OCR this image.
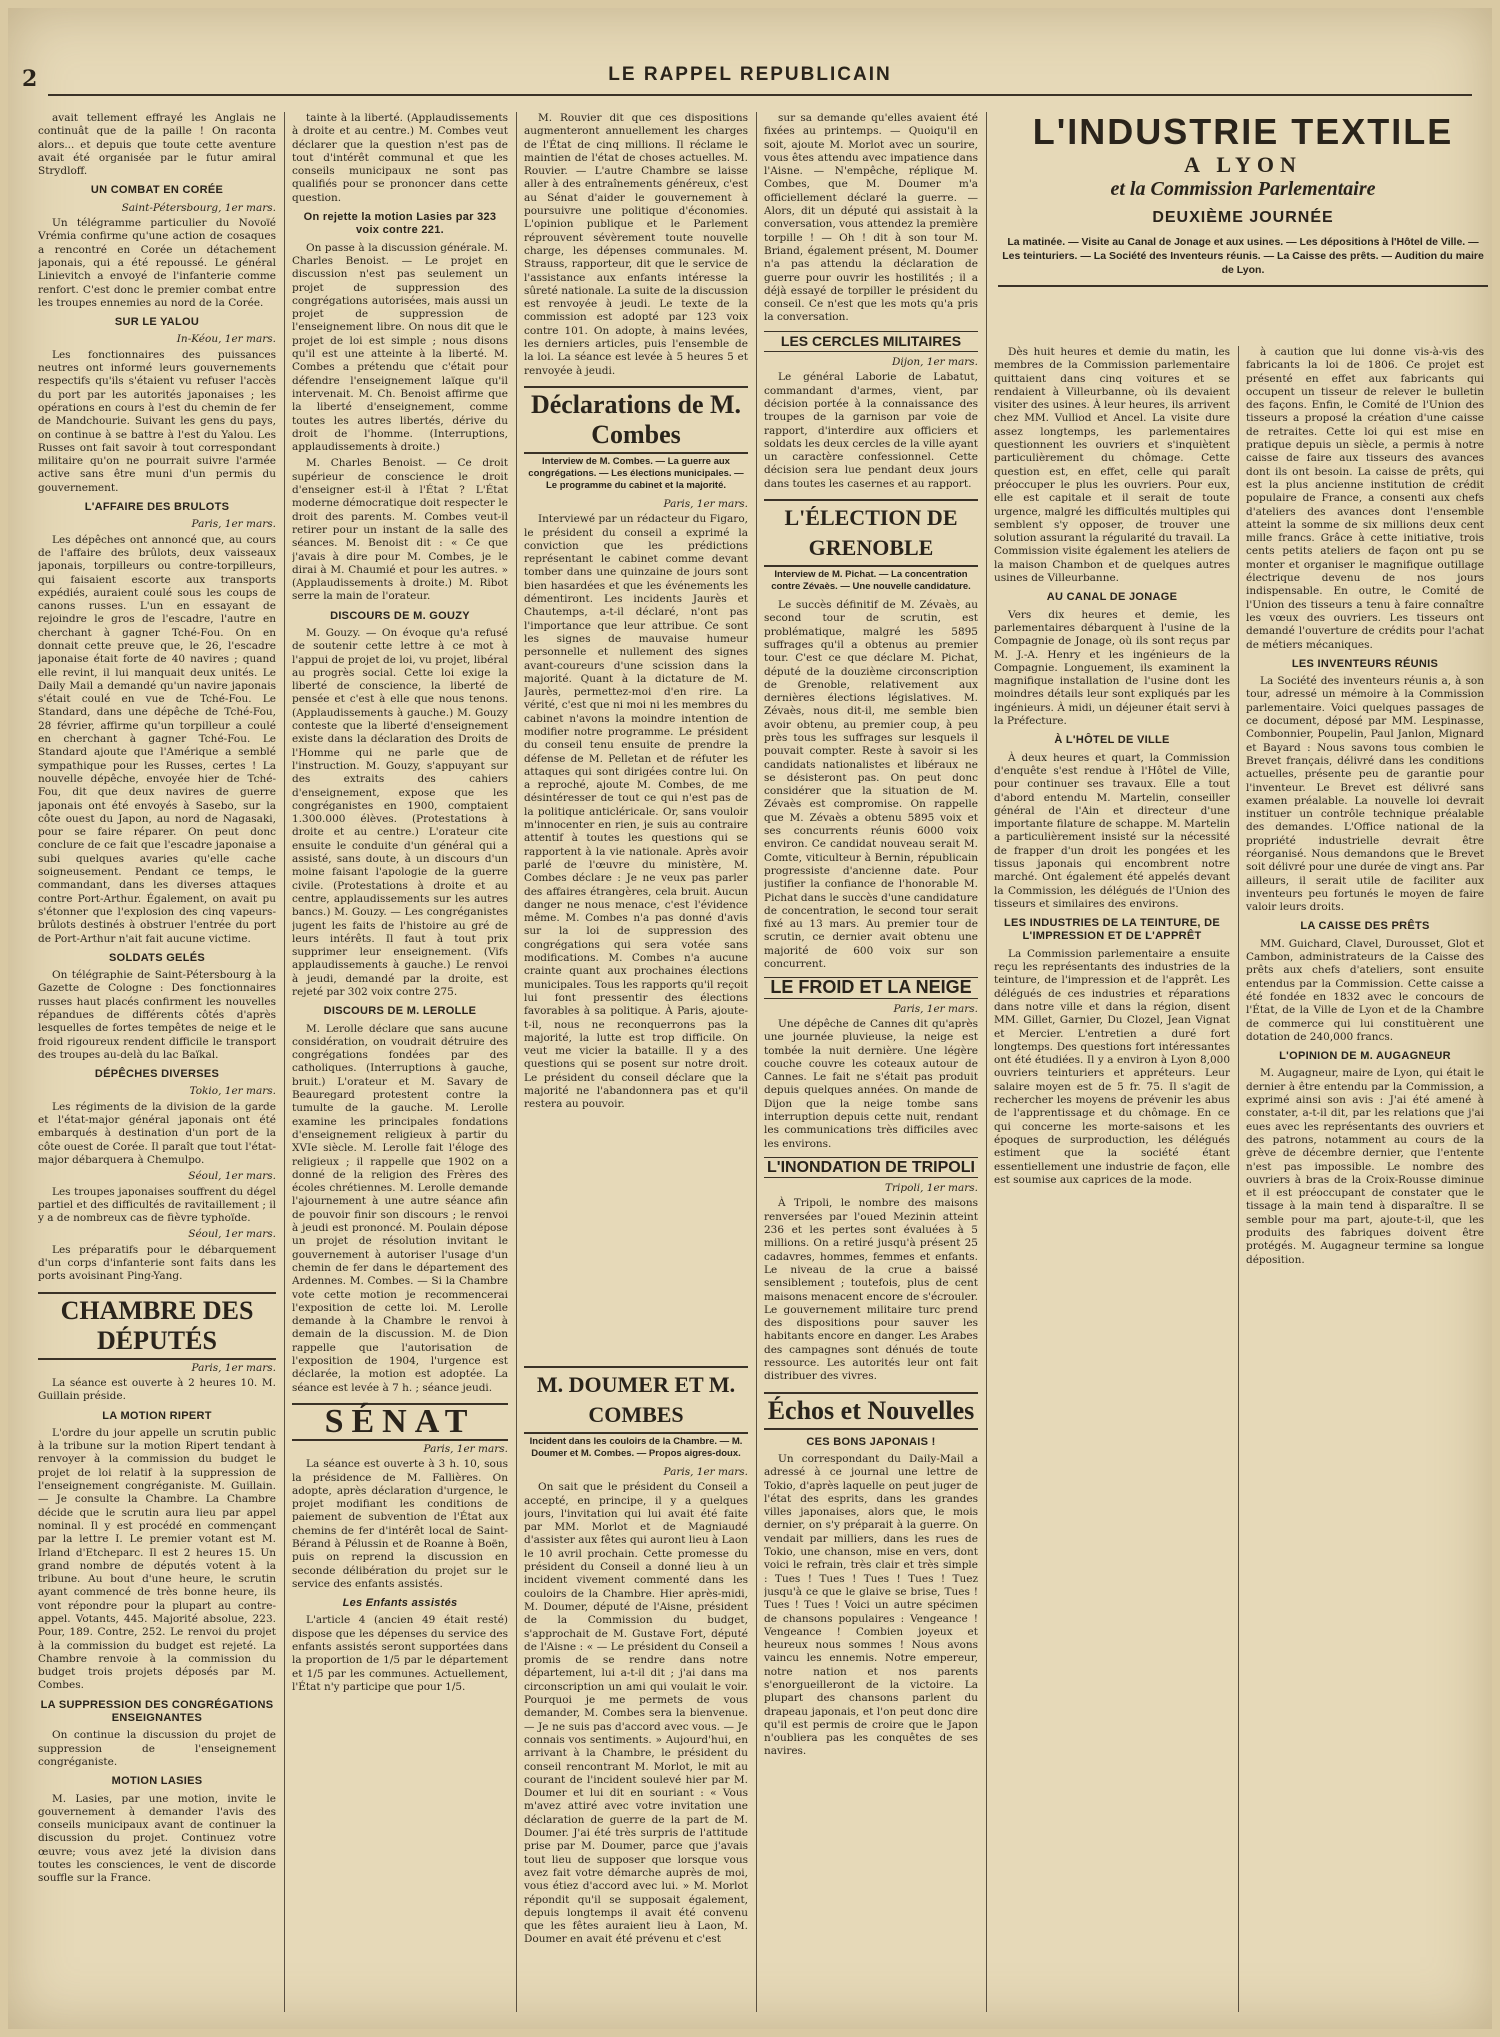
2	LE RAPPEL REPUBLICAIN

avait tellement effrayé les Anglais ne continuât que de la paille ! On raconta alors... et depuis que toute cette aventure avait été organisée par le futur amiral Strydloff.

UN COMBAT EN CORÉE
Saint-Pétersbourg, 1er mars.

Un télégramme particulier du Novoïé Vrémia confirme qu'une action de cosaques a rencontré en Corée un détachement japonais, qui a été repoussé. Le général Linievitch a envoyé de l'infanterie comme renfort. C'est donc le premier combat entre les troupes ennemies au nord de la Corée.

SUR LE YALOU
In-Kéou, 1er mars.

Les fonctionnaires des puissances neutres ont informé leurs gouvernements respectifs qu'ils s'étaient vu refuser l'accès du port par les autorités japonaises ; les opérations en cours à l'est du chemin de fer de Mandchourie. Suivant les gens du pays, on continue à se battre à l'est du Yalou. Les Russes ont fait savoir à tout correspondant militaire qu'on ne pourrait suivre l'armée active sans être muni d'un permis du gouvernement.

L'AFFAIRE DES BRULOTS
Paris, 1er mars.

Les dépêches ont annoncé que, au cours de l'affaire des brûlots, deux vaisseaux japonais, torpilleurs ou contre-torpilleurs, qui faisaient escorte aux transports expédiés, auraient coulé sous les coups de canons russes. L'un en essayant de rejoindre le gros de l'escadre, l'autre en cherchant à gagner Tché-Fou. On en donnait cette preuve que, le 26, l'escadre japonaise était forte de 40 navires ; quand elle revint, il lui manquait deux unités. Le Daily Mail a demandé qu'un navire japonais s'était coulé en vue de Tché-Fou. Le Standard, dans une dépêche de Tché-Fou, 28 février, affirme qu'un torpilleur a coulé en cherchant à gagner Tché-Fou. Le Standard ajoute que l'Amérique a semblé sympathique pour les Russes, certes ! La nouvelle dépêche, envoyée hier de Tché-Fou, dit que deux navires de guerre japonais ont été envoyés à Sasebo, sur la côte ouest du Japon, au nord de Nagasaki, pour se faire réparer. On peut donc conclure de ce fait que l'escadre japonaise a subi quelques avaries qu'elle cache soigneusement. Pendant ce temps, le commandant, dans les diverses attaques contre Port-Arthur. Également, on avait pu s'étonner que l'explosion des cinq vapeurs-brûlots destinés à obstruer l'entrée du port de Port-Arthur n'ait fait aucune victime.

SOLDATS GELÉS

On télégraphie de Saint-Pétersbourg à la Gazette de Cologne : Des fonctionnaires russes haut placés confirment les nouvelles répandues de différents côtés d'après lesquelles de fortes tempêtes de neige et le froid rigoureux rendent difficile le transport des troupes au-delà du lac Baïkal.

DÉPÊCHES DIVERSES
Tokio, 1er mars.

Les régiments de la division de la garde et l'état-major général japonais ont été embarqués à destination d'un port de la côte ouest de Corée. Il paraît que tout l'état-major débarquera à Chemulpo.

Séoul, 1er mars.

Les troupes japonaises souffrent du dégel partiel et des difficultés de ravitaillement ; il y a de nombreux cas de fièvre typhoïde.

Séoul, 1er mars.

Les préparatifs pour le débarquement d'un corps d'infanterie sont faits dans les ports avoisinant Ping-Yang.

CHAMBRE DES DÉPUTÉS
Paris, 1er mars.

La séance est ouverte à 2 heures 10. M. Guillain préside.

LA MOTION RIPERT

L'ordre du jour appelle un scrutin public à la tribune sur la motion Ripert tendant à renvoyer à la commission du budget le projet de loi relatif à la suppression de l'enseignement congréganiste. M. Guillain. — Je consulte la Chambre. La Chambre décide que le scrutin aura lieu par appel nominal. Il y est procédé en commençant par la lettre I. Le premier votant est M. Irland d'Etcheparc. Il est 2 heures 15. Un grand nombre de députés votent à la tribune. Au bout d'une heure, le scrutin ayant commencé de très bonne heure, ils vont répondre pour la plupart au contre-appel. Votants, 445. Majorité absolue, 223. Pour, 189. Contre, 252. Le renvoi du projet à la commission du budget est rejeté. La Chambre renvoie à la commission du budget trois projets déposés par M. Combes.

LA SUPPRESSION DES CONGRÉGATIONS ENSEIGNANTES

On continue la discussion du projet de suppression de l'enseignement congréganiste.

MOTION LASIES

M. Lasies, par une motion, invite le gouvernement à demander l'avis des conseils municipaux avant de continuer la discussion du projet. Continuez votre œuvre; vous avez jeté la division dans toutes les consciences, le vent de discorde souffle sur la France.

tainte à la liberté. (Applaudissements à droite et au centre.) M. Combes veut déclarer que la question n'est pas de tout d'intérêt communal et que les conseils municipaux ne sont pas qualifiés pour se prononcer dans cette question.

On rejette la motion Lasies par 323 voix contre 221.

On passe à la discussion générale. M. Charles Benoist. — Le projet en discussion n'est pas seulement un projet de suppression des congrégations autorisées, mais aussi un projet de suppression de l'enseignement libre. On nous dit que le projet de loi est simple ; nous disons qu'il est une atteinte à la liberté. M. Combes a prétendu que c'était pour défendre l'enseignement laïque qu'il intervenait. M. Ch. Benoist affirme que la liberté d'enseignement, comme toutes les autres libertés, dérive du droit de l'homme. (Interruptions, applaudissements à droite.)

M. Charles Benoist. — Ce droit supérieur de conscience le droit d'enseigner est-il à l'État ? L'État moderne démocratique doit respecter le droit des parents. M. Combes veut-il retirer pour un instant de la salle des séances. M. Benoist dit : « Ce que j'avais à dire pour M. Combes, je le dirai à M. Chaumié et pour les autres. » (Applaudissements à droite.) M. Ribot serre la main de l'orateur.

DISCOURS DE M. GOUZY

M. Gouzy. — On évoque qu'a refusé de soutenir cette lettre à ce mot à l'appui de projet de loi, vu projet, libéral au progrès social. Cette loi exige la liberté de conscience, la liberté de pensée et c'est à elle que nous tenons. (Applaudissements à gauche.) M. Gouzy conteste que la liberté d'enseignement existe dans la déclaration des Droits de l'Homme qui ne parle que de l'instruction. M. Gouzy, s'appuyant sur des extraits des cahiers d'enseignement, expose que les congréganistes en 1900, comptaient 1.300.000 élèves. (Protestations à droite et au centre.) L'orateur cite ensuite le conduite d'un général qui a assisté, sans doute, à un discours d'un moine faisant l'apologie de la guerre civile. (Protestations à droite et au centre, applaudissements sur les autres bancs.) M. Gouzy. — Les congréganistes jugent les faits de l'histoire au gré de leurs intérêts. Il faut à tout prix supprimer leur enseignement. (Vifs applaudissements à gauche.) Le renvoi à jeudi, demandé par la droite, est rejeté par 302 voix contre 275.

DISCOURS DE M. LEROLLE

M. Lerolle déclare que sans aucune considération, on voudrait détruire des congrégations fondées par des catholiques. (Interruptions à gauche, bruit.) L'orateur et M. Savary de Beauregard protestent contre la tumulte de la gauche. M. Lerolle examine les principales fondations d'enseignement religieux à partir du XVIe siècle. M. Lerolle fait l'éloge des religieux ; il rappelle que 1902 on a donné de la religion des Frères des écoles chrétiennes. M. Lerolle demande l'ajournement à une autre séance afin de pouvoir finir son discours ; le renvoi à jeudi est prononcé. M. Poulain dépose un projet de résolution invitant le gouvernement à autoriser l'usage d'un chemin de fer dans le département des Ardennes. M. Combes. — Si la Chambre vote cette motion je recommencerai l'exposition de cette loi. M. Lerolle demande à la Chambre le renvoi à demain de la discussion. M. de Dion rappelle que l'autorisation de l'exposition de 1904, l'urgence est déclarée, la motion est adoptée. La séance est levée à 7 h. ; séance jeudi.

SÉNAT
Paris, 1er mars.

La séance est ouverte à 3 h. 10, sous la présidence de M. Fallières. On adopte, après déclaration d'urgence, le projet modifiant les conditions de paiement de subvention de l'État aux chemins de fer d'intérêt local de Saint-Bérand à Pélussin et de Roanne à Boën, puis on reprend la discussion en seconde délibération du projet sur le service des enfants assistés.

Les Enfants assistés

L'article 4 (ancien 49 était resté) dispose que les dépenses du service des enfants assistés seront supportées dans la proportion de 1/5 par le département et 1/5 par les communes. Actuellement, l'État n'y participe que pour 1/5.

M. Rouvier dit que ces dispositions augmenteront annuellement les charges de l'État de cinq millions. Il réclame le maintien de l'état de choses actuelles. M. Rouvier. — L'autre Chambre se laisse aller à des entraînements généreux, c'est au Sénat d'aider le gouvernement à poursuivre une politique d'économies. L'opinion publique et le Parlement réprouvent sévèrement toute nouvelle charge, les dépenses communales. M. Strauss, rapporteur, dit que le service de l'assistance aux enfants intéresse la sûreté nationale. La suite de la discussion est renvoyée à jeudi. Le texte de la commission est adopté par 123 voix contre 101. On adopte, à mains levées, les derniers articles, puis l'ensemble de la loi. La séance est levée à 5 heures 5 et renvoyée à jeudi.

Déclarations de M. Combes
Interview de M. Combes. — La guerre aux congrégations. — Les élections municipales. — Le programme du cabinet et la majorité.
Paris, 1er mars.

Interviewé par un rédacteur du Figaro, le président du conseil a exprimé la conviction que les prédictions représentant le cabinet comme devant tomber dans une quinzaine de jours sont bien hasardées et que les événements les démentiront. Les incidents Jaurès et Chautemps, a-t-il déclaré, n'ont pas l'importance que leur attribue. Ce sont les signes de mauvaise humeur personnelle et nullement des signes avant-coureurs d'une scission dans la majorité. Quant à la dictature de M. Jaurès, permettez-moi d'en rire. La vérité, c'est que ni moi ni les membres du cabinet n'avons la moindre intention de modifier notre programme. Le président du conseil tenu ensuite de prendre la défense de M. Pelletan et de réfuter les attaques qui sont dirigées contre lui. On a reproché, ajoute M. Combes, de me désintéresser de tout ce qui n'est pas de la politique anticléricale. Or, sans vouloir m'innocenter en rien, je suis au contraire attentif à toutes les questions qui se rapportent à la vie nationale. Après avoir parlé de l'œuvre du ministère, M. Combes déclare : Je ne veux pas parler des affaires étrangères, cela bruit. Aucun danger ne nous menace, c'est l'évidence même. M. Combes n'a pas donné d'avis sur la loi de suppression des congrégations qui sera votée sans modifications. M. Combes n'a aucune crainte quant aux prochaines élections municipales. Tous les rapports qu'il reçoit lui font pressentir des élections favorables à sa politique. À Paris, ajoute-t-il, nous ne reconquerrons pas la majorité, la lutte est trop difficile. On veut me vicier la bataille. Il y a des questions qui se posent sur notre droit. Le président du conseil déclare que la majorité ne l'abandonnera pas et qu'il restera au pouvoir.

M. DOUMER ET M. COMBES
Incident dans les couloirs de la Chambre. — M. Doumer et M. Combes. — Propos aigres-doux.
Paris, 1er mars.

On sait que le président du Conseil a accepté, en principe, il y a quelques jours, l'invitation qui lui avait été faite par MM. Morlot et de Magniaudé d'assister aux fêtes qui auront lieu à Laon le 10 avril prochain. Cette promesse du président du Conseil a donné lieu à un incident vivement commenté dans les couloirs de la Chambre. Hier après-midi, M. Doumer, député de l'Aisne, président de la Commission du budget, s'approchait de M. Gustave Fort, député de l'Aisne : « — Le président du Conseil a promis de se rendre dans notre département, lui a-t-il dit ; j'ai dans ma circonscription un ami qui voulait le voir. Pourquoi je me permets de vous demander, M. Combes sera la bienvenue. — Je ne suis pas d'accord avec vous. — Je connais vos sentiments. » Aujourd'hui, en arrivant à la Chambre, le président du conseil rencontrant M. Morlot, le mit au courant de l'incident soulevé hier par M. Doumer et lui dit en souriant : « Vous m'avez attiré avec votre invitation une déclaration de guerre de la part de M. Doumer. J'ai été très surpris de l'attitude prise par M. Doumer, parce que j'avais tout lieu de supposer que lorsque vous avez fait votre démarche auprès de moi, vous étiez d'accord avec lui. » M. Morlot répondit qu'il se supposait également, depuis longtemps il avait été convenu que les fêtes auraient lieu à Laon, M. Doumer en avait été prévenu et c'est

sur sa demande qu'elles avaient été fixées au printemps. — Quoiqu'il en soit, ajoute M. Morlot avec un sourire, vous êtes attendu avec impatience dans l'Aisne. — N'empêche, réplique M. Combes, que M. Doumer m'a officiellement déclaré la guerre. — Alors, dit un député qui assistait à la conversation, vous attendez la première torpille ! — Oh ! dit à son tour M. Briand, également présent, M. Doumer n'a pas attendu la déclaration de guerre pour ouvrir les hostilités ; il a déjà essayé de torpiller le président du conseil. Ce n'est que les mots qu'a pris la conversation.

LES CERCLES MILITAIRES
Dijon, 1er mars.

Le général Laborie de Labatut, commandant d'armes, vient, par décision portée à la connaissance des troupes de la garnison par voie de rapport, d'interdire aux officiers et soldats les deux cercles de la ville ayant un caractère confessionnel. Cette décision sera lue pendant deux jours dans toutes les casernes et au rapport.

L'ÉLECTION DE GRENOBLE
Interview de M. Pichat. — La concentration contre Zévaès. — Une nouvelle candidature.

Le succès définitif de M. Zévaès, au second tour de scrutin, est problématique, malgré les 5895 suffrages qu'il a obtenus au premier tour. C'est ce que déclare M. Pichat, député de la douzième circonscription de Grenoble, relativement aux dernières élections législatives. M. Zévaès, nous dit-il, me semble bien avoir obtenu, au premier coup, à peu près tous les suffrages sur lesquels il pouvait compter. Reste à savoir si les candidats nationalistes et libéraux ne se désisteront pas. On peut donc considérer que la situation de M. Zévaès est compromise. On rappelle que M. Zévaès a obtenu 5895 voix et ses concurrents réunis 6000 voix environ. Ce candidat nouveau serait M. Comte, viticulteur à Bernin, républicain progressiste d'ancienne date. Pour justifier la confiance de l'honorable M. Pichat dans le succès d'une candidature de concentration, le second tour serait fixé au 13 mars. Au premier tour de scrutin, ce dernier avait obtenu une majorité de 600 voix sur son concurrent.

LE FROID ET LA NEIGE
Paris, 1er mars.

Une dépêche de Cannes dit qu'après une journée pluvieuse, la neige est tombée la nuit dernière. Une légère couche couvre les coteaux autour de Cannes. Le fait ne s'était pas produit depuis quelques années. On mande de Dijon que la neige tombe sans interruption depuis cette nuit, rendant les communications très difficiles avec les environs.

L'INONDATION DE TRIPOLI
Tripoli, 1er mars.

À Tripoli, le nombre des maisons renversées par l'oued Mezinin atteint 236 et les pertes sont évaluées à 5 millions. On a retiré jusqu'à présent 25 cadavres, hommes, femmes et enfants. Le niveau de la crue a baissé sensiblement ; toutefois, plus de cent maisons menacent encore de s'écrouler. Le gouvernement militaire turc prend des dispositions pour sauver les habitants encore en danger. Les Arabes des campagnes sont dénués de toute ressource. Les autorités leur ont fait distribuer des vivres.

Échos et Nouvelles
CES BONS JAPONAIS !

Un correspondant du Daily-Mail a adressé à ce journal une lettre de Tokio, d'après laquelle on peut juger de l'état des esprits, dans les grandes villes japonaises, alors que, le mois dernier, on s'y préparait à la guerre. On vendait par milliers, dans les rues de Tokio, une chanson, mise en vers, dont voici le refrain, très clair et très simple : Tues ! Tues ! Tues ! Tues ! Tuez jusqu'à ce que le glaive se brise, Tues ! Tues ! Tues ! Voici un autre spécimen de chansons populaires : Vengeance ! Vengeance ! Combien joyeux et heureux nous sommes ! Nous avons vaincu les ennemis. Notre empereur, notre nation et nos parents s'enorgueilleront de la victoire. La plupart des chansons parlent du drapeau japonais, et l'on peut donc dire qu'il est permis de croire que le Japon n'oubliera pas les conquêtes de ses navires.

L'INDUSTRIE TEXTILE
A LYON
et la Commission Parlementaire
DEUXIÈME JOURNÉE
La matinée. — Visite au Canal de Jonage et aux usines. — Les dépositions à l'Hôtel de Ville. — Les teinturiers. — La Société des Inventeurs réunis. — La Caisse des prêts. — Audition du maire de Lyon.

Dès huit heures et demie du matin, les membres de la Commission parlementaire quittaient dans cinq voitures et se rendaient à Villeurbanne, où ils devaient visiter des usines. À leur heures, ils arrivent chez MM. Vulliod et Ancel. La visite dure assez longtemps, les parlementaires questionnent les ouvriers et s'inquiètent particulièrement du chômage. Cette question est, en effet, celle qui paraît préoccuper le plus les ouvriers. Pour eux, elle est capitale et il serait de toute urgence, malgré les difficultés multiples qui semblent s'y opposer, de trouver une solution assurant la régularité du travail. La Commission visite également les ateliers de la maison Chambon et de quelques autres usines de Villeurbanne.

AU CANAL DE JONAGE

Vers dix heures et demie, les parlementaires débarquent à l'usine de la Compagnie de Jonage, où ils sont reçus par M. J.-A. Henry et les ingénieurs de la Compagnie. Longuement, ils examinent la magnifique installation de l'usine dont les moindres détails leur sont expliqués par les ingénieurs. À midi, un déjeuner était servi à la Préfecture.

À L'HÔTEL DE VILLE

À deux heures et quart, la Commission d'enquête s'est rendue à l'Hôtel de Ville, pour continuer ses travaux. Elle a tout d'abord entendu M. Martelin, conseiller général de l'Ain et directeur d'une importante filature de schappe. M. Martelin a particulièrement insisté sur la nécessité de frapper d'un droit les pongées et les tissus japonais qui encombrent notre marché. Ont également été appelés devant la Commission, les délégués de l'Union des tisseurs et similaires des environs.

LES INDUSTRIES DE LA TEINTURE, DE L'IMPRESSION ET DE L'APPRÊT

La Commission parlementaire a ensuite reçu les représentants des industries de la teinture, de l'impression et de l'apprêt. Les délégués de ces industries et réparations dans notre ville et dans la région, disent MM. Gillet, Garnier, Du Clozel, Jean Vignat et Mercier. L'entretien a duré fort longtemps. Des questions fort intéressantes ont été étudiées. Il y a environ à Lyon 8,000 ouvriers teinturiers et appréteurs. Leur salaire moyen est de 5 fr. 75. Il s'agit de rechercher les moyens de prévenir les abus de l'apprentissage et du chômage. En ce qui concerne les morte-saisons et les époques de surproduction, les délégués estiment que la société étant essentiellement une industrie de façon, elle est soumise aux caprices de la mode.

à caution que lui donne vis-à-vis des fabricants la loi de 1806. Ce projet est présenté en effet aux fabricants qui occupent un tisseur de relever le bulletin des façons. Enfin, le Comité de l'Union des tisseurs a proposé la création d'une caisse de retraites. Cette loi qui est mise en pratique depuis un siècle, a permis à notre caisse de faire aux tisseurs des avances dont ils ont besoin. La caisse de prêts, qui est la plus ancienne institution de crédit populaire de France, a consenti aux chefs d'ateliers des avances dont l'ensemble atteint la somme de six millions deux cent mille francs. Grâce à cette initiative, trois cents petits ateliers de façon ont pu se monter et organiser le magnifique outillage électrique devenu de nos jours indispensable. En outre, le Comité de l'Union des tisseurs a tenu à faire connaître les vœux des ouvriers. Les tisseurs ont demandé l'ouverture de crédits pour l'achat de métiers mécaniques.

LES INVENTEURS RÉUNIS

La Société des inventeurs réunis a, à son tour, adressé un mémoire à la Commission parlementaire. Voici quelques passages de ce document, déposé par MM. Lespinasse, Combonnier, Poupelin, Paul Janlon, Mignard et Bayard : Nous savons tous combien le Brevet français, délivré dans les conditions actuelles, présente peu de garantie pour l'inventeur. Le Brevet est délivré sans examen préalable. La nouvelle loi devrait instituer un contrôle technique préalable des demandes. L'Office national de la propriété industrielle devrait être réorganisé. Nous demandons que le Brevet soit délivré pour une durée de vingt ans. Par ailleurs, il serait utile de faciliter aux inventeurs peu fortunés le moyen de faire valoir leurs droits.

LA CAISSE DES PRÊTS

MM. Guichard, Clavel, Durousset, Glot et Cambon, administrateurs de la Caisse des prêts aux chefs d'ateliers, sont ensuite entendus par la Commission. Cette caisse a été fondée en 1832 avec le concours de l'État, de la Ville de Lyon et de la Chambre de commerce qui lui constituèrent une dotation de 240,000 francs.

L'OPINION DE M. AUGAGNEUR

M. Augagneur, maire de Lyon, qui était le dernier à être entendu par la Commission, a exprimé ainsi son avis : J'ai été amené à constater, a-t-il dit, par les relations que j'ai eues avec les représentants des ouvriers et des patrons, notamment au cours de la grève de décembre dernier, que l'entente n'est pas impossible. Le nombre des ouvriers à bras de la Croix-Rousse diminue et il est préoccupant de constater que le tissage à la main tend à disparaître. Il se semble pour ma part, ajoute-t-il, que les produits des fabriques doivent être protégés. M. Augagneur termine sa longue déposition.
